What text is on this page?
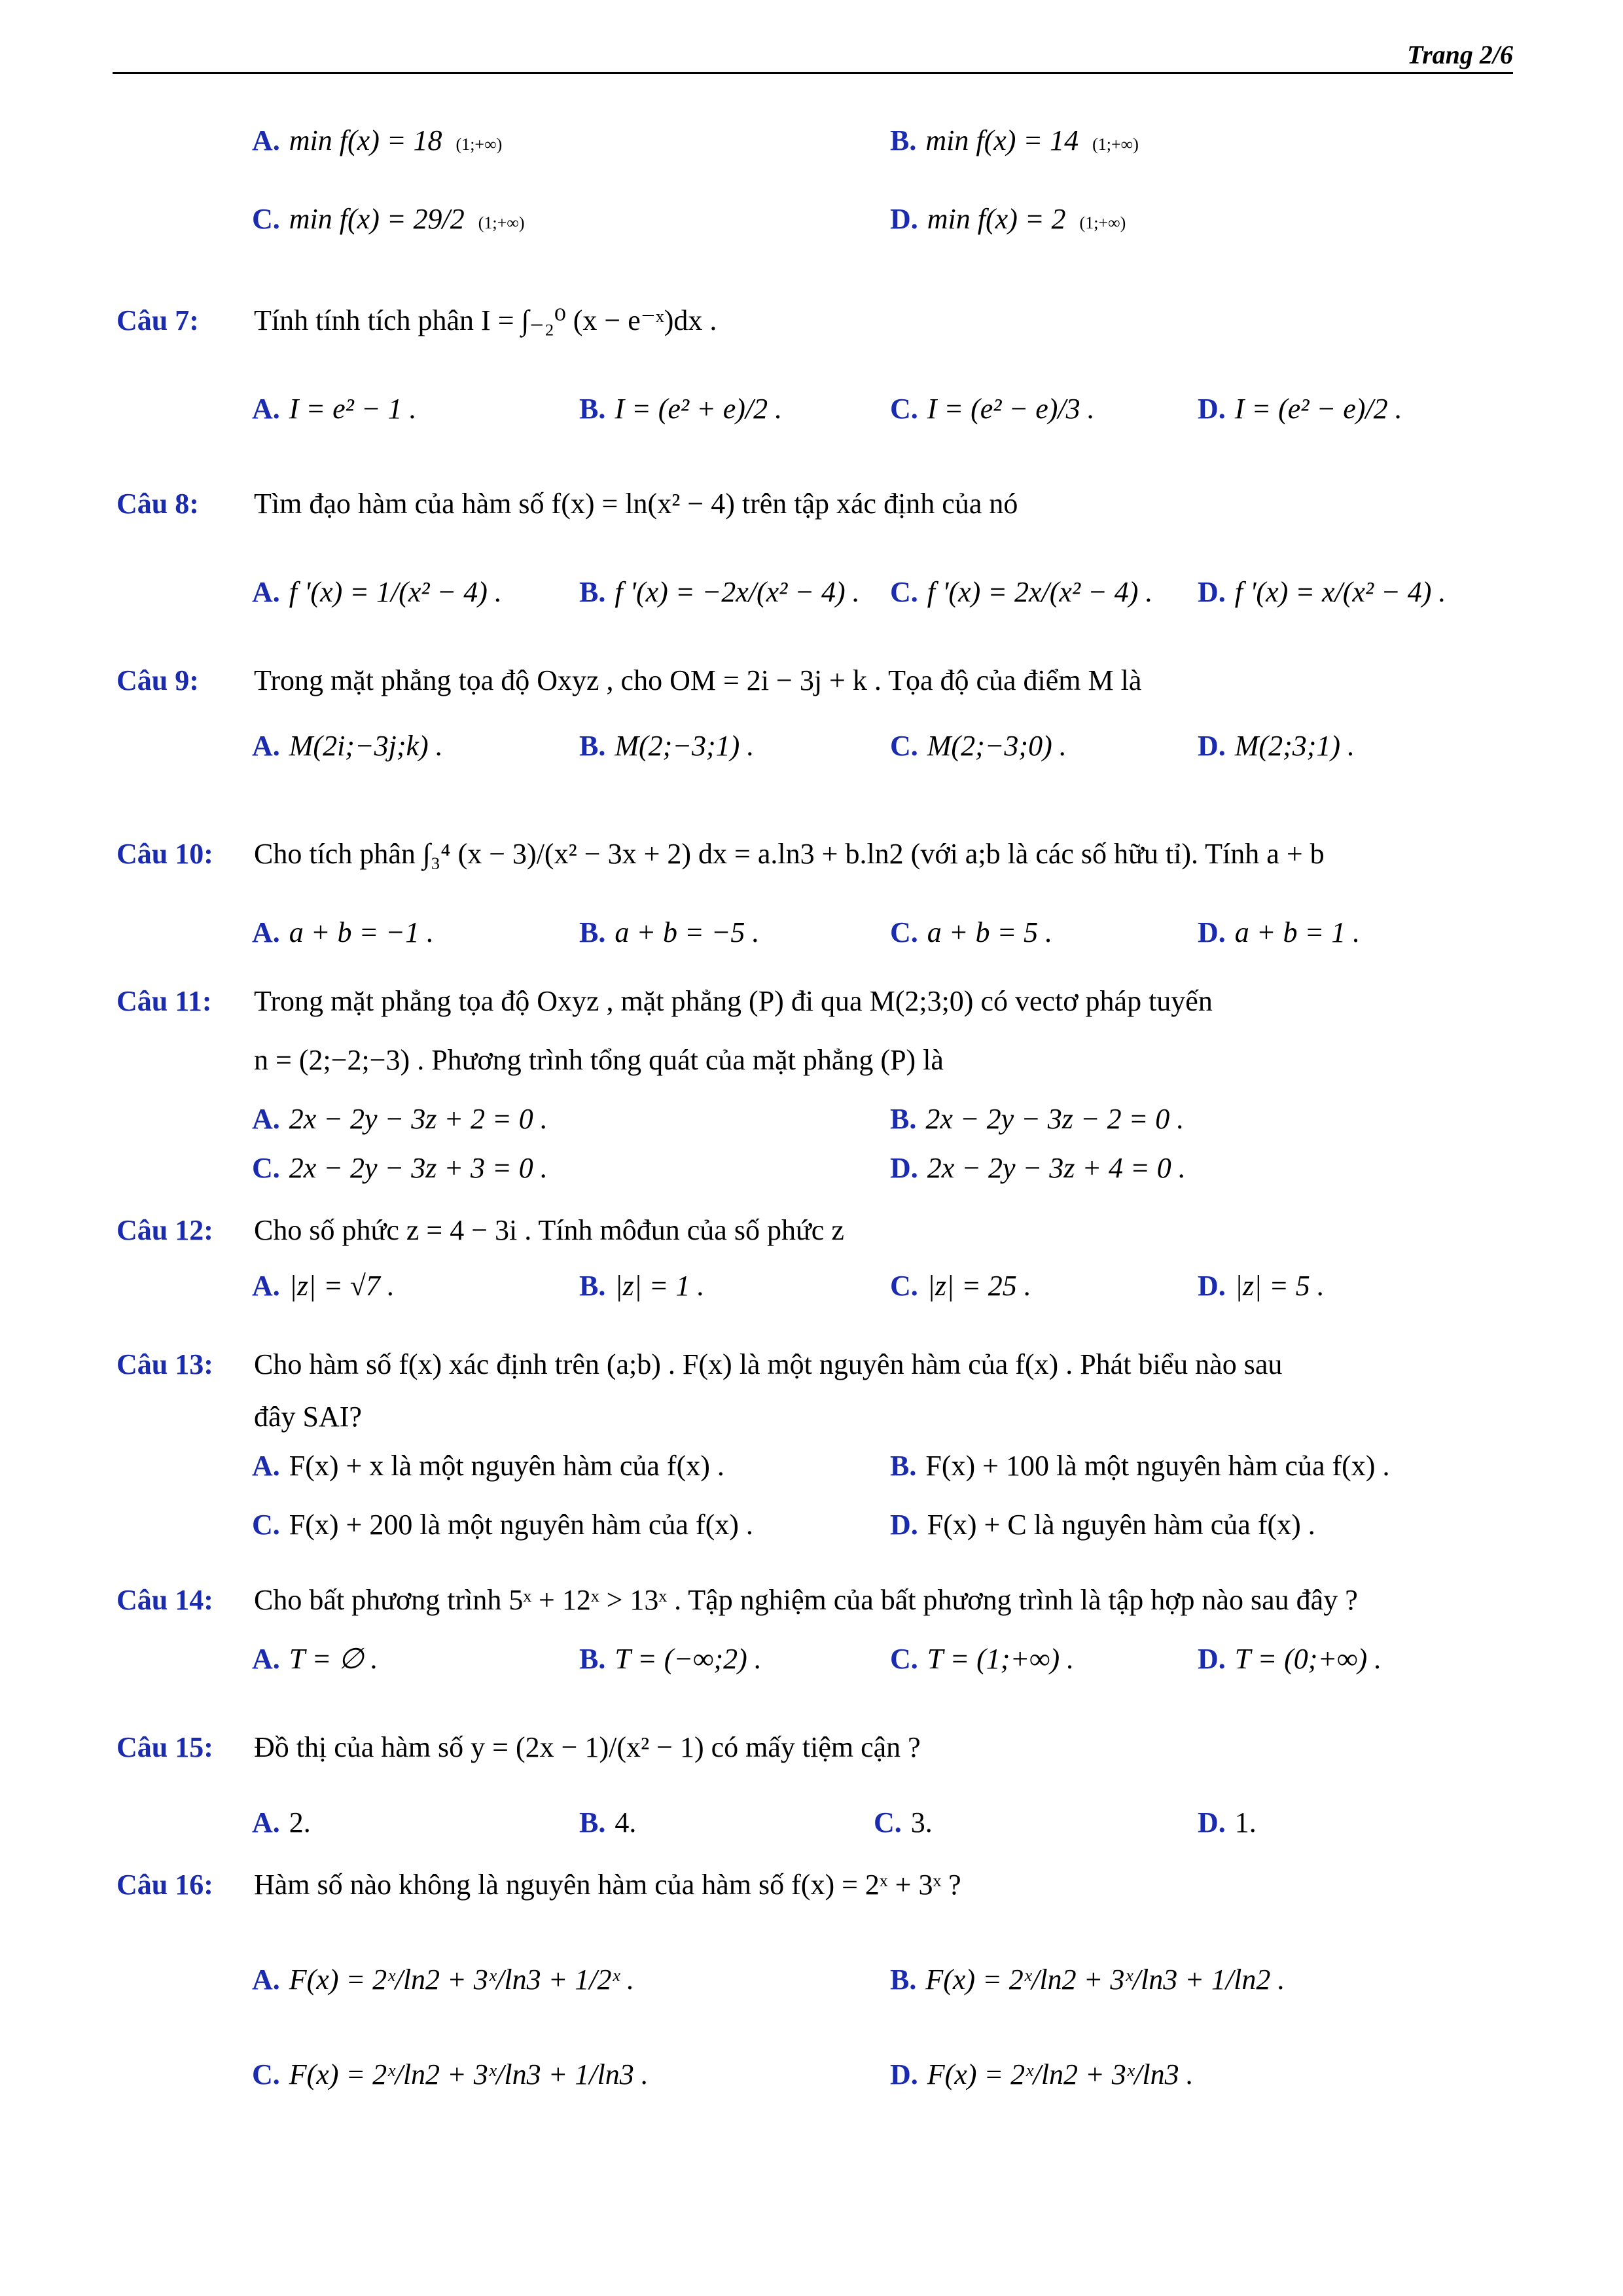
Trang 2/6
A. min f(x) = 18 (1;+∞)	B. min f(x) = 14 (1;+∞)
C. min f(x) = 29/2 (1;+∞)	D. min f(x) = 2 (1;+∞)
Câu 7: Tính tính tích phân I = ∫₋₂⁰ (x − e⁻ˣ)dx .
A. I = e² − 1 .	B. I = (e² + e)/2 .	C. I = (e² − e)/3 .	D. I = (e² − e)/2 .
Câu 8: Tìm đạo hàm của hàm số f(x) = ln(x² − 4) trên tập xác định của nó
A. f '(x) = 1/(x² − 4) .	B. f '(x) = −2x/(x² − 4) . C. f '(x) = 2x/(x² − 4) . D. f '(x) = x/(x² − 4) .
Câu 9: Trong mặt phẳng tọa độ Oxyz , cho OM = 2i − 3j + k . Tọa độ của điểm M là
A. M(2i;−3j;k) .	B. M(2;−3;1) .	C. M(2;−3;0) .	D. M(2;3;1) .
Câu 10: Cho tích phân ∫₃⁴ (x − 3)/(x² − 3x + 2) dx = a.ln3 + b.ln2 (với a;b là các số hữu tỉ). Tính a + b
A. a + b = −1 .	B. a + b = −5 .	C. a + b = 5 .	D. a + b = 1 .
Câu 11: Trong mặt phẳng tọa độ Oxyz , mặt phẳng (P) đi qua M(2;3;0) có vectơ pháp tuyến
n = (2;−2;−3) . Phương trình tổng quát của mặt phẳng (P) là
A. 2x − 2y − 3z + 2 = 0 .	B. 2x − 2y − 3z − 2 = 0 .
C. 2x − 2y − 3z + 3 = 0 .	D. 2x − 2y − 3z + 4 = 0 .
Câu 12: Cho số phức z = 4 − 3i . Tính môđun của số phức z
A. |z| = √7 .	B. |z| = 1 .	C. |z| = 25 .	D. |z| = 5 .
Câu 13: Cho hàm số f(x) xác định trên (a;b) . F(x) là một nguyên hàm của f(x) . Phát biểu nào sau
đây SAI?
A. F(x) + x là một nguyên hàm của f(x) .	B. F(x) + 100 là một nguyên hàm của f(x) .
C. F(x) + 200 là một nguyên hàm của f(x) .	D. F(x) + C là nguyên hàm của f(x) .
Câu 14: Cho bất phương trình 5ˣ + 12ˣ > 13ˣ . Tập nghiệm của bất phương trình là tập hợp nào sau đây ?
A. T = ∅ .	B. T = (−∞;2) .	C. T = (1;+∞) .	D. T = (0;+∞) .
Câu 15: Đồ thị của hàm số y = (2x − 1)/(x² − 1) có mấy tiệm cận ?
A. 2.	B. 4.	C. 3.	D. 1.
Câu 16: Hàm số nào không là nguyên hàm của hàm số f(x) = 2ˣ + 3ˣ ?
A. F(x) = 2ˣ/ln2 + 3ˣ/ln3 + 1/2ˣ .	B. F(x) = 2ˣ/ln2 + 3ˣ/ln3 + 1/ln2 .
C. F(x) = 2ˣ/ln2 + 3ˣ/ln3 + 1/ln3 .	D. F(x) = 2ˣ/ln2 + 3ˣ/ln3 .
